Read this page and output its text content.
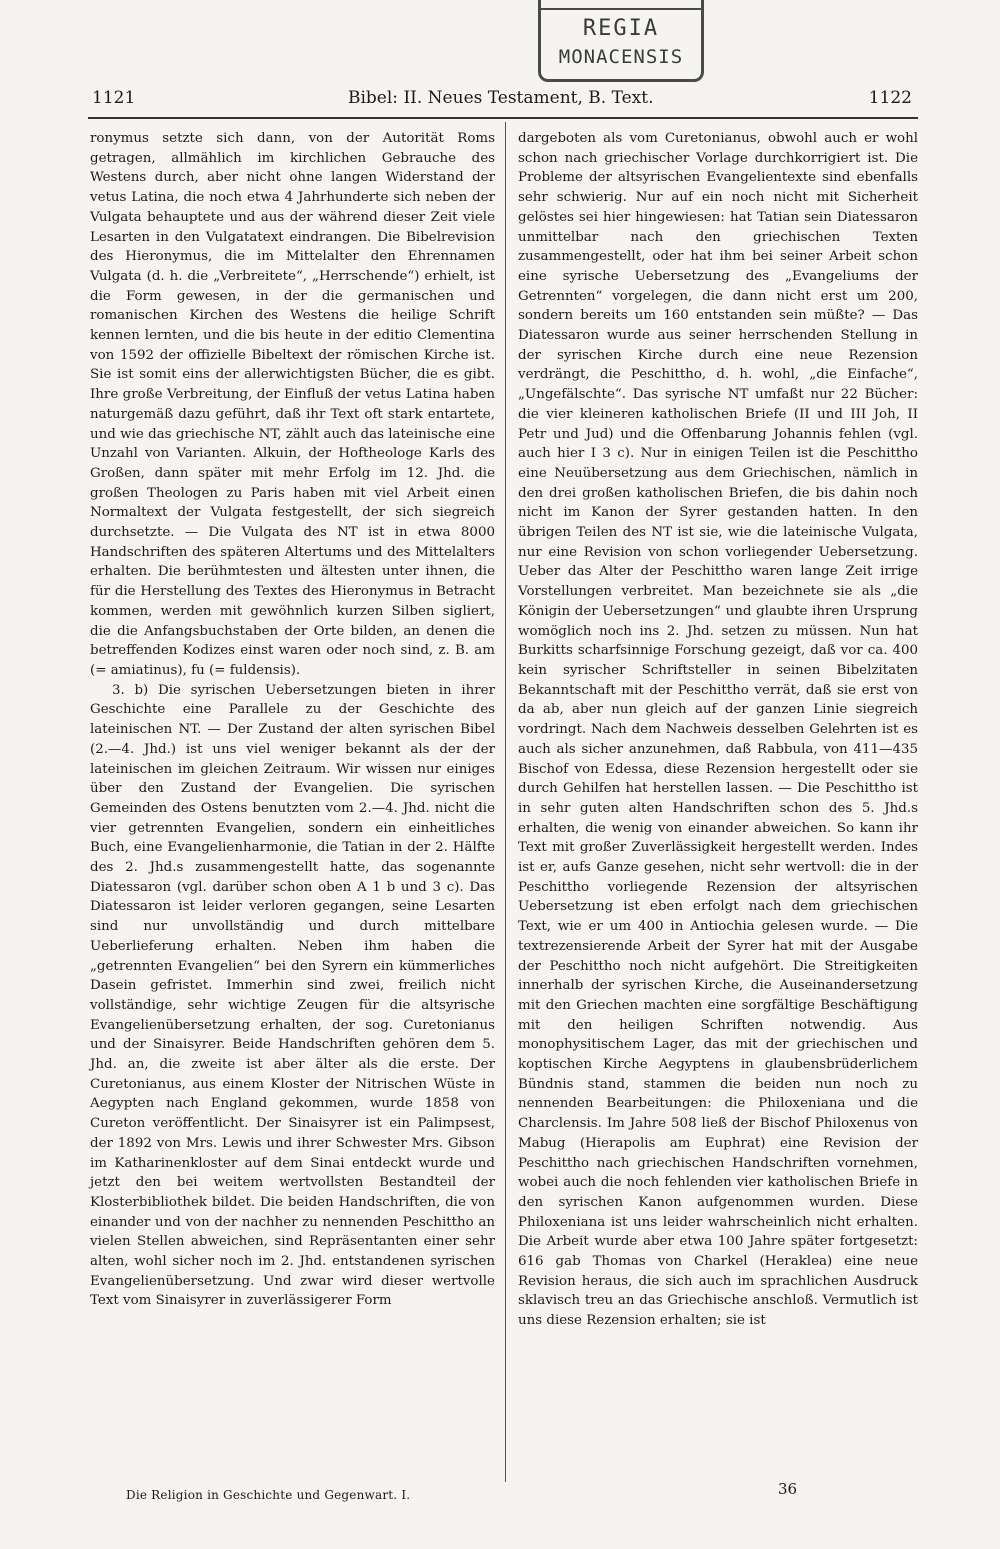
REGIA
MONACENSIS
1121	Bibel: II. Neues Testament, B. Text.	1122

ronymus setzte sich dann, von der Autorität Roms getragen, allmählich im kirchlichen Gebrauche des Westens durch, aber nicht ohne langen Widerstand der vetus Latina, die noch etwa 4 Jahrhunderte sich neben der Vulgata behauptete und aus der während dieser Zeit viele Lesarten in den Vulgatatext eindrangen. Die Bibelrevision des Hieronymus, die im Mittelalter den Ehrennamen Vulgata (d. h. die „Verbreitete“, „Herrschende“) erhielt, ist die Form gewesen, in der die germanischen und romanischen Kirchen des Westens die heilige Schrift kennen lernten, und die bis heute in der editio Clementina von 1592 der offizielle Bibeltext der römischen Kirche ist. Sie ist somit eins der allerwichtigsten Bücher, die es gibt. Ihre große Verbreitung, der Einfluß der vetus Latina haben naturgemäß dazu geführt, daß ihr Text oft stark entartete, und wie das griechische NT, zählt auch das lateinische eine Unzahl von Varianten. Alkuin, der Hoftheologe Karls des Großen, dann später mit mehr Erfolg im 12. Jhd. die großen Theologen zu Paris haben mit viel Arbeit einen Normaltext der Vulgata festgestellt, der sich siegreich durchsetzte. — Die Vulgata des NT ist in etwa 8000 Handschriften des späteren Altertums und des Mittelalters erhalten. Die berühmtesten und ältesten unter ihnen, die für die Herstellung des Textes des Hieronymus in Betracht kommen, werden mit gewöhnlich kurzen Silben sigliert, die die Anfangsbuchstaben der Orte bilden, an denen die betreffenden Kodizes einst waren oder noch sind, z. B. am (= amiatinus), fu (= fuldensis).

3. b) Die syrischen Uebersetzungen bieten in ihrer Geschichte eine Parallele zu der Geschichte des lateinischen NT. — Der Zustand der alten syrischen Bibel (2.—4. Jhd.) ist uns viel weniger bekannt als der der lateinischen im gleichen Zeitraum. Wir wissen nur einiges über den Zustand der Evangelien. Die syrischen Gemeinden des Ostens benutzten vom 2.—4. Jhd. nicht die vier getrennten Evangelien, sondern ein einheitliches Buch, eine Evangelienharmonie, die Tatian in der 2. Hälfte des 2. Jhd.s zusammengestellt hatte, das sogenannte Diatessaron (vgl. darüber schon oben A 1 b und 3 c). Das Diatessaron ist leider verloren gegangen, seine Lesarten sind nur unvollständig und durch mittelbare Ueberlieferung erhalten. Neben ihm haben die „getrennten Evangelien“ bei den Syrern ein kümmerliches Dasein gefristet. Immerhin sind zwei, freilich nicht vollständige, sehr wichtige Zeugen für die altsyrische Evangelienübersetzung erhalten, der sog. Curetonianus und der Sinaisyrer. Beide Handschriften gehören dem 5. Jhd. an, die zweite ist aber älter als die erste. Der Curetonianus, aus einem Kloster der Nitrischen Wüste in Aegypten nach England gekommen, wurde 1858 von Cureton veröffentlicht. Der Sinaisyrer ist ein Palimpsest, der 1892 von Mrs. Lewis und ihrer Schwester Mrs. Gibson im Katharinenkloster auf dem Sinai entdeckt wurde und jetzt den bei weitem wertvollsten Bestandteil der Klosterbibliothek bildet. Die beiden Handschriften, die von einander und von der nachher zu nennenden Peschittho an vielen Stellen abweichen, sind Repräsentanten einer sehr alten, wohl sicher noch im 2. Jhd. entstandenen syrischen Evangelienübersetzung. Und zwar wird dieser wertvolle Text vom Sinaisyrer in zuverlässigerer Form

dargeboten als vom Curetonianus, obwohl auch er wohl schon nach griechischer Vorlage durchkorrigiert ist. Die Probleme der altsyrischen Evangelientexte sind ebenfalls sehr schwierig. Nur auf ein noch nicht mit Sicherheit gelöstes sei hier hingewiesen: hat Tatian sein Diatessaron unmittelbar nach den griechischen Texten zusammengestellt, oder hat ihm bei seiner Arbeit schon eine syrische Uebersetzung des „Evangeliums der Getrennten“ vorgelegen, die dann nicht erst um 200, sondern bereits um 160 entstanden sein müßte? — Das Diatessaron wurde aus seiner herrschenden Stellung in der syrischen Kirche durch eine neue Rezension verdrängt, die Peschittho, d. h. wohl, „die Einfache“, „Ungefälschte“. Das syrische NT umfaßt nur 22 Bücher: die vier kleineren katholischen Briefe (II und III Joh, II Petr und Jud) und die Offenbarung Johannis fehlen (vgl. auch hier I 3 c). Nur in einigen Teilen ist die Peschittho eine Neuübersetzung aus dem Griechischen, nämlich in den drei großen katholischen Briefen, die bis dahin noch nicht im Kanon der Syrer gestanden hatten. In den übrigen Teilen des NT ist sie, wie die lateinische Vulgata, nur eine Revision von schon vorliegender Uebersetzung. Ueber das Alter der Peschittho waren lange Zeit irrige Vorstellungen verbreitet. Man bezeichnete sie als „die Königin der Uebersetzungen“ und glaubte ihren Ursprung womöglich noch ins 2. Jhd. setzen zu müssen. Nun hat Burkitts scharfsinnige Forschung gezeigt, daß vor ca. 400 kein syrischer Schriftsteller in seinen Bibelzitaten Bekanntschaft mit der Peschittho verrät, daß sie erst von da ab, aber nun gleich auf der ganzen Linie siegreich vordringt. Nach dem Nachweis desselben Gelehrten ist es auch als sicher anzunehmen, daß Rabbula, von 411—435 Bischof von Edessa, diese Rezension hergestellt oder sie durch Gehilfen hat herstellen lassen. — Die Peschittho ist in sehr guten alten Handschriften schon des 5. Jhd.s erhalten, die wenig von einander abweichen. So kann ihr Text mit großer Zuverlässigkeit hergestellt werden. Indes ist er, aufs Ganze gesehen, nicht sehr wertvoll: die in der Peschittho vorliegende Rezension der altsyrischen Uebersetzung ist eben erfolgt nach dem griechischen Text, wie er um 400 in Antiochia gelesen wurde. — Die textrezensierende Arbeit der Syrer hat mit der Ausgabe der Peschittho noch nicht aufgehört. Die Streitigkeiten innerhalb der syrischen Kirche, die Auseinandersetzung mit den Griechen machten eine sorgfältige Beschäftigung mit den heiligen Schriften notwendig. Aus monophysitischem Lager, das mit der griechischen und koptischen Kirche Aegyptens in glaubensbrüderlichem Bündnis stand, stammen die beiden nun noch zu nennenden Bearbeitungen: die Philoxeniana und die Charclensis. Im Jahre 508 ließ der Bischof Philoxenus von Mabug (Hierapolis am Euphrat) eine Revision der Peschittho nach griechischen Handschriften vornehmen, wobei auch die noch fehlenden vier katholischen Briefe in den syrischen Kanon aufgenommen wurden. Diese Philoxeniana ist uns leider wahrscheinlich nicht erhalten. Die Arbeit wurde aber etwa 100 Jahre später fortgesetzt: 616 gab Thomas von Charkel (Heraklea) eine neue Revision heraus, die sich auch im sprachlichen Ausdruck sklavisch treu an das Griechische anschloß. Vermutlich ist uns diese Rezension erhalten; sie ist

Die Religion in Geschichte und Gegenwart. I.	36
